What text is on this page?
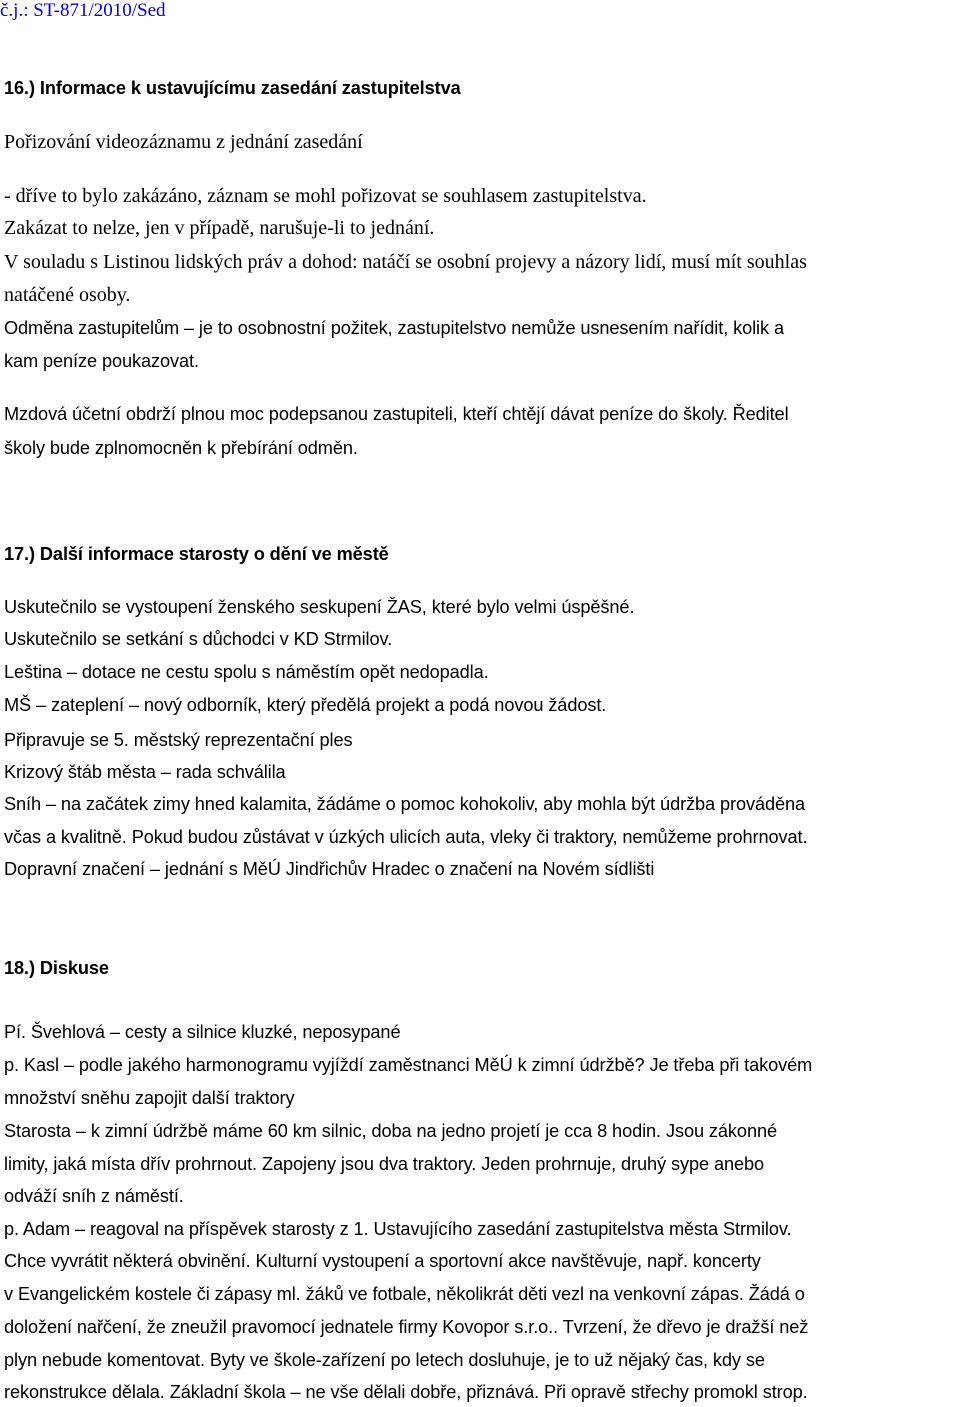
č.j.: ST-871/2010/Sed
16.) Informace k ustavujícímu zasedání zastupitelstva
Pořizování videozáznamu z jednání zasedání
- dříve to bylo zakázáno, záznam se mohl pořizovat se souhlasem zastupitelstva.
Zakázat to nelze, jen v případě, narušuje-li to jednání.
V souladu s Listinou lidských práv a dohod: natáčí se osobní projevy a názory lidí, musí mít souhlas
natáčené osoby.
Odměna zastupitelům – je to osobnostní požitek, zastupitelstvo nemůže usnesením nařídit, kolik a
kam peníze poukazovat.
Mzdová účetní obdrží plnou moc podepsanou zastupiteli, kteří chtějí dávat peníze do školy. Ředitel
školy bude zplnomocněn k přebírání odměn.
17.) Další informace starosty o dění ve městě
Uskutečnilo se vystoupení ženského seskupení ŽAS, které bylo velmi úspěšné.
Uskutečnilo se setkání s důchodci v KD Strmilov.
Leština – dotace ne cestu spolu s náměstím opět nedopadla.
MŠ – zateplení – nový odborník, který předělá projekt a podá novou žádost.
Připravuje se 5. městský reprezentační ples
Krizový štáb města – rada schválila
Sníh – na začátek zimy hned kalamita, žádáme o pomoc kohokoliv, aby mohla být údržba prováděna
včas a kvalitně. Pokud budou zůstávat v úzkých ulicích auta, vleky či traktory, nemůžeme prohrnovat.
Dopravní značení – jednání s MěÚ Jindřichův Hradec o značení na Novém sídlišti
18.) Diskuse
Pí. Švehlová – cesty a silnice kluzké, neposypané
p. Kasl – podle jakého harmonogramu vyjíždí zaměstnanci MěÚ k zimní údržbě? Je třeba při takovém
množství sněhu zapojit další traktory
Starosta – k zimní údržbě máme 60 km silnic, doba na jedno projetí je cca 8 hodin. Jsou zákonné
limity, jaká místa dřív prohrnout. Zapojeny jsou dva traktory. Jeden prohrnuje, druhý sype anebo
odváží sníh z náměstí.
p. Adam – reagoval na příspěvek starosty z 1. Ustavujícího zasedání zastupitelstva města Strmilov.
Chce vyvrátit některá obvinění. Kulturní vystoupení a sportovní akce navštěvuje, např. koncerty
v Evangelickém kostele či zápasy ml. žáků ve fotbale, několikrát děti vezl na venkovní zápas. Žádá o
doložení nařčení, že zneužil pravomocí jednatele firmy Kovopor s.r.o.. Tvrzení, že dřevo je dražší než
plyn nebude komentovat. Byty ve škole-zařízení po letech dosluhuje, je to už nějaký čas, kdy se
rekonstrukce dělala. Základní škola – ne vše dělali dobře, přiznává. Při opravě střechy promokl strop.
